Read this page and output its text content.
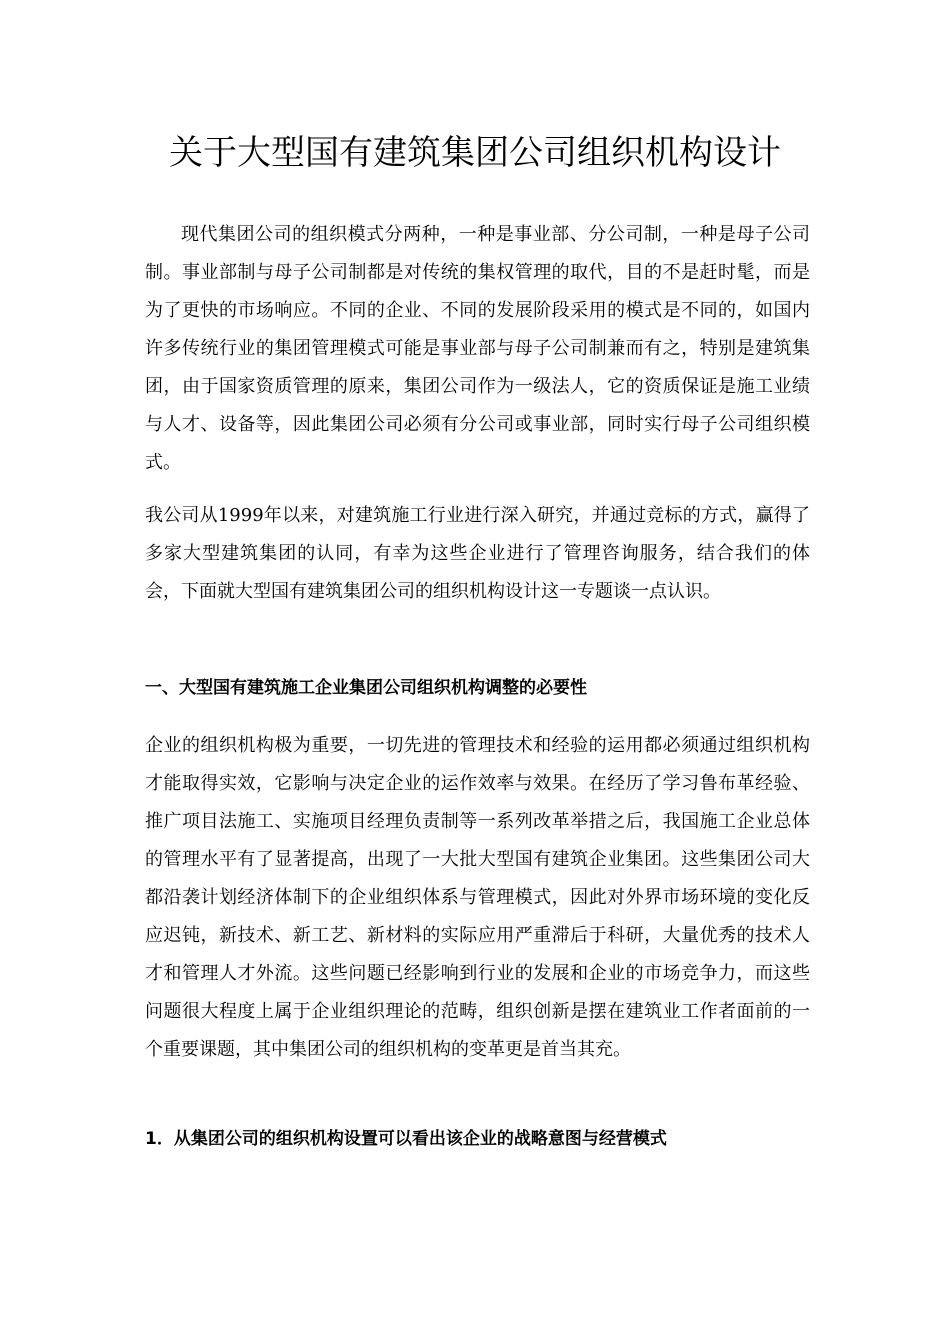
关于大型国有建筑集团公司组织机构设计

现代集团公司的组织模式分两种，一种是事业部、分公司制，一种是母子公司制。事业部制与母子公司制都是对传统的集权管理的取代，目的不是赶时髦，而是为了更快的市场响应。不同的企业、不同的发展阶段采用的模式是不同的，如国内许多传统行业的集团管理模式可能是事业部与母子公司制兼而有之，特别是建筑集团，由于国家资质管理的原来，集团公司作为一级法人，它的资质保证是施工业绩与人才、设备等，因此集团公司必须有分公司或事业部，同时实行母子公司组织模式。

我公司从1999年以来，对建筑施工行业进行深入研究，并通过竞标的方式，赢得了多家大型建筑集团的认同，有幸为这些企业进行了管理咨询服务，结合我们的体会，下面就大型国有建筑集团公司的组织机构设计这一专题谈一点认识。

一、大型国有建筑施工企业集团公司组织机构调整的必要性

企业的组织机构极为重要，一切先进的管理技术和经验的运用都必须通过组织机构才能取得实效，它影响与决定企业的运作效率与效果。在经历了学习鲁布革经验、推广项目法施工、实施项目经理负责制等一系列改革举措之后，我国施工企业总体的管理水平有了显著提高，出现了一大批大型国有建筑企业集团。这些集团公司大都沿袭计划经济体制下的企业组织体系与管理模式，因此对外界市场环境的变化反应迟钝，新技术、新工艺、新材料的实际应用严重滞后于科研，大量优秀的技术人才和管理人才外流。这些问题已经影响到行业的发展和企业的市场竞争力，而这些问题很大程度上属于企业组织理论的范畴，组织创新是摆在建筑业工作者面前的一个重要课题，其中集团公司的组织机构的变革更是首当其充。

1．从集团公司的组织机构设置可以看出该企业的战略意图与经营模式
